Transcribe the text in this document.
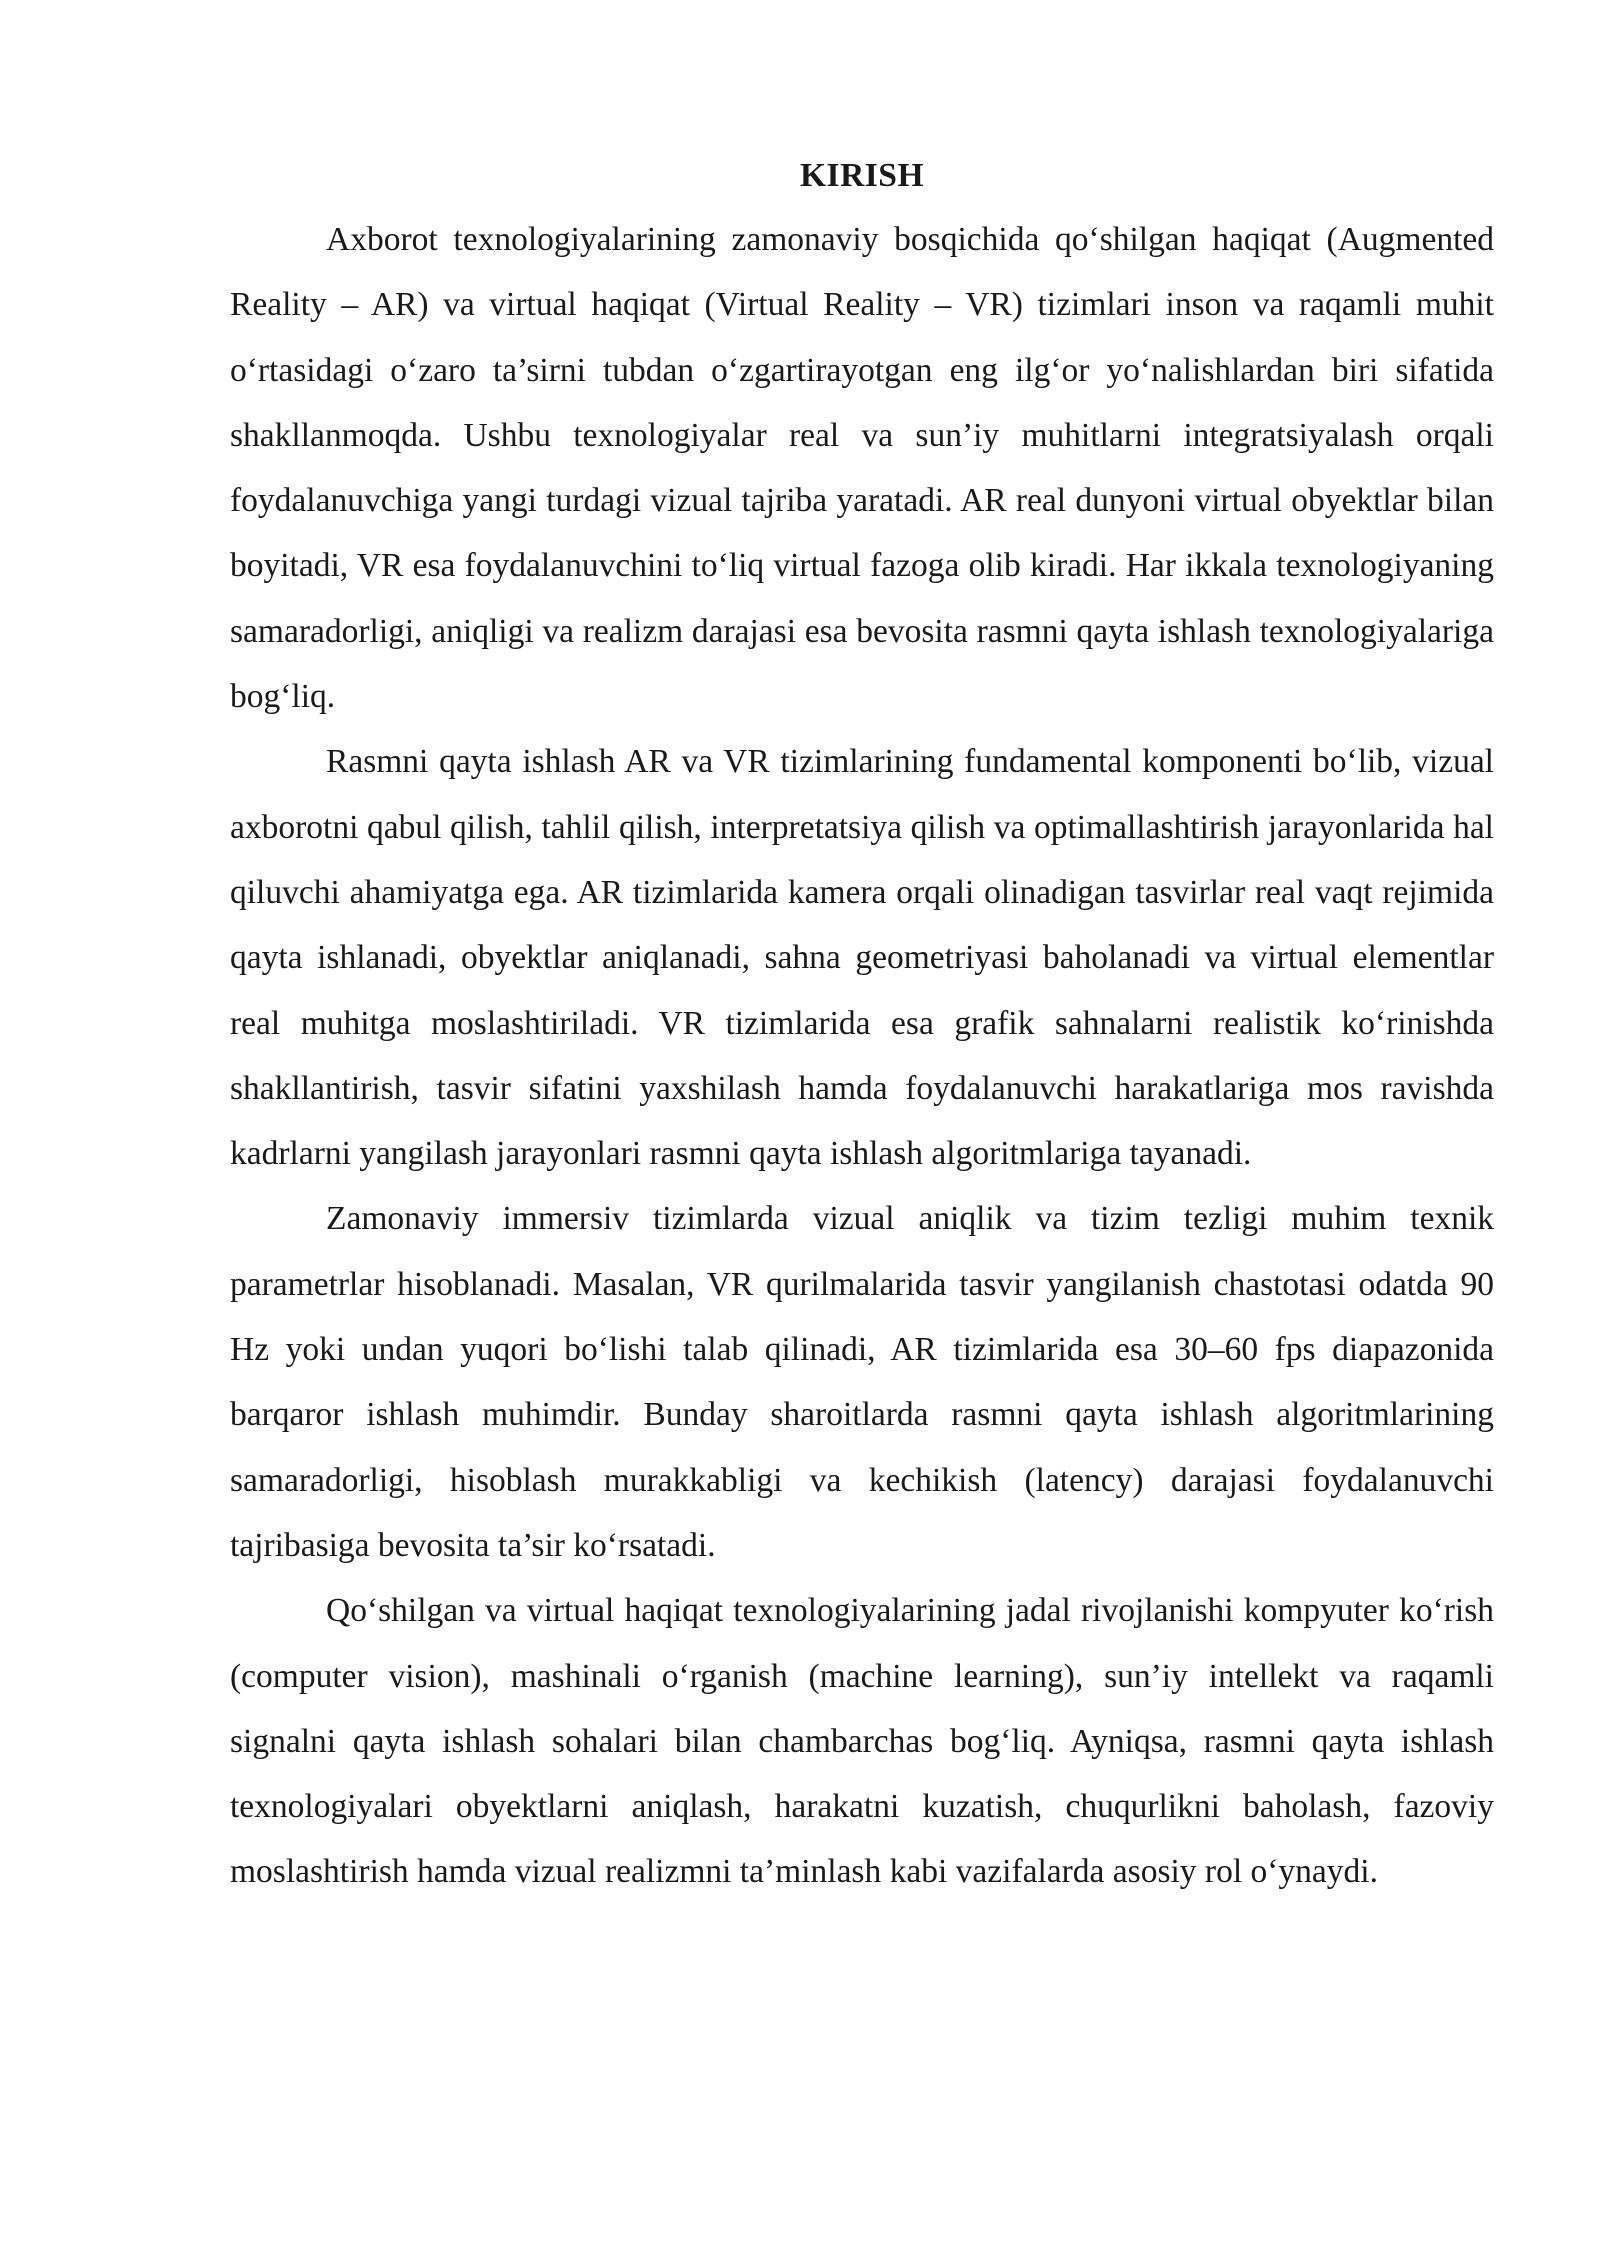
KIRISH

Axborot texnologiyalarining zamonaviy bosqichida qo‘shilgan haqiqat (Augmented Reality – AR) va virtual haqiqat (Virtual Reality – VR) tizimlari inson va raqamli muhit o‘rtasidagi o‘zaro ta’sirni tubdan o‘zgartirayotgan eng ilg‘or yo‘nalishlardan biri sifatida shakllanmoqda. Ushbu texnologiyalar real va sun’iy muhitlarni integratsiyalash orqali foydalanuvchiga yangi turdagi vizual tajriba yaratadi. AR real dunyoni virtual obyektlar bilan boyitadi, VR esa foydalanuvchini to‘liq virtual fazoga olib kiradi. Har ikkala texnologiyaning samaradorligi, aniqligi va realizm darajasi esa bevosita rasmni qayta ishlash texnologiyalariga bog‘liq.

Rasmni qayta ishlash AR va VR tizimlarining fundamental komponenti bo‘lib, vizual axborotni qabul qilish, tahlil qilish, interpretatsiya qilish va optimallashtirish jarayonlarida hal qiluvchi ahamiyatga ega. AR tizimlarida kamera orqali olinadigan tasvirlar real vaqt rejimida qayta ishlanadi, obyektlar aniqlanadi, sahna geometriyasi baholanadi va virtual elementlar real muhitga moslashtiriladi. VR tizimlarida esa grafik sahnalarni realistik ko‘rinishda shakllantirish, tasvir sifatini yaxshilash hamda foydalanuvchi harakatlariga mos ravishda kadrlarni yangilash jarayonlari rasmni qayta ishlash algoritmlariga tayanadi.

Zamonaviy immersiv tizimlarda vizual aniqlik va tizim tezligi muhim texnik parametrlar hisoblanadi. Masalan, VR qurilmalarida tasvir yangilanish chastotasi odatda 90 Hz yoki undan yuqori bo‘lishi talab qilinadi, AR tizimlarida esa 30–60 fps diapazonida barqaror ishlash muhimdir. Bunday sharoitlarda rasmni qayta ishlash algoritmlarining samaradorligi, hisoblash murakkabligi va kechikish (latency) darajasi foydalanuvchi tajribasiga bevosita ta’sir ko‘rsatadi.

Qo‘shilgan va virtual haqiqat texnologiyalarining jadal rivojlanishi kompyuter ko‘rish (computer vision), mashinali o‘rganish (machine learning), sun’iy intellekt va raqamli signalni qayta ishlash sohalari bilan chambarchas bog‘liq. Ayniqsa, rasmni qayta ishlash texnologiyalari obyektlarni aniqlash, harakatni kuzatish, chuqurlikni baholash, fazoviy moslashtirish hamda vizual realizmni ta’minlash kabi vazifalarda asosiy rol o‘ynaydi.
